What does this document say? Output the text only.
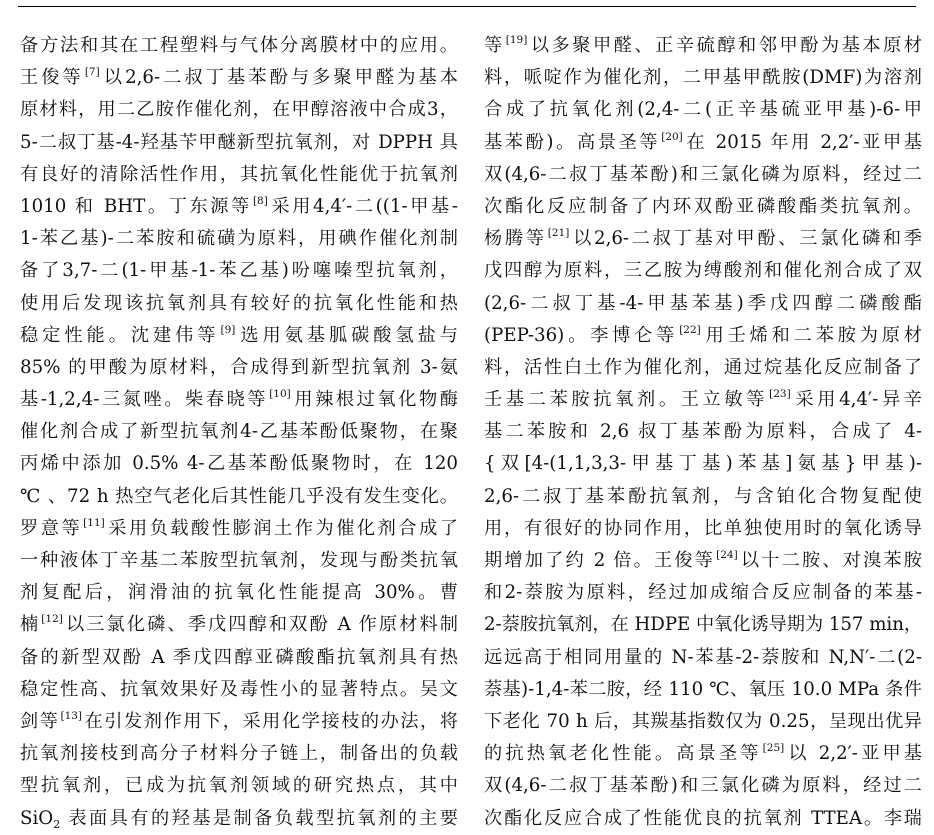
备方法和其在工程塑料与气体分离膜材中的应用。
王俊等[7]以2,6-二叔丁基苯酚与多聚甲醛为基本
原材料，用二乙胺作催化剂，在甲醇溶液中合成3，
5-二叔丁基-4-羟基苄甲醚新型抗氧剂，对 DPPH 具
有良好的清除活性作用，其抗氧化性能优于抗氧剂
1010 和 BHT。丁东源等[8]采用4,4′-二((1-甲基-
1-苯乙基)-二苯胺和硫磺为原料，用碘作催化剂制
备了3,7-二(1-甲基-1-苯乙基)吩噻嗪型抗氧剂，
使用后发现该抗氧剂具有较好的抗氧化性能和热
稳定性能。沈建伟等[9]选用氨基胍碳酸氢盐与
85% 的甲酸为原材料，合成得到新型抗氧剂 3-氨
基-1,2,4-三氮唑。柴春晓等[10]用辣根过氧化物酶
催化剂合成了新型抗氧剂4-乙基苯酚低聚物，在聚
丙烯中添加 0.5% 4-乙基苯酚低聚物时，在 120
℃ 、72 h 热空气老化后其性能几乎没有发生变化。
罗意等[11]采用负载酸性膨润土作为催化剂合成了
一种液体丁辛基二苯胺型抗氧剂，发现与酚类抗氧
剂复配后，润滑油的抗氧化性能提高 30%。曹
楠[12]以三氯化磷、季戊四醇和双酚 A 作原材料制
备的新型双酚 A 季戊四醇亚磷酸酯抗氧剂具有热
稳定性高、抗氧效果好及毒性小的显著特点。吴文
剑等[13]在引发剂作用下，采用化学接枝的办法，将
抗氧剂接枝到高分子材料分子链上，制备出的负载
型抗氧剂，已成为抗氧剂领域的研究热点，其中
SiO$_2$ 表面具有的羟基是制备负载型抗氧剂的主要
等[19]以多聚甲醛、正辛硫醇和邻甲酚为基本原材
料，哌啶作为催化剂，二甲基甲酰胺(DMF)为溶剂
合成了抗氧化剂(2,4-二(正辛基硫亚甲基)-6-甲
基苯酚)。高景圣等[20]在 2015 年用 2,2′-亚甲基
双(4,6-二叔丁基苯酚)和三氯化磷为原料，经过二
次酯化反应制备了内环双酚亚磷酸酯类抗氧剂。
杨腾等[21]以2,6-二叔丁基对甲酚、三氯化磷和季
戊四醇为原料，三乙胺为缚酸剂和催化剂合成了双
(2,6-二叔丁基-4-甲基苯基)季戊四醇二磷酸酯
(PEP-36)。李博仑等[22]用壬烯和二苯胺为原材
料，活性白土作为催化剂，通过烷基化反应制备了
壬基二苯胺抗氧剂。王立敏等[23]采用4,4′-异辛
基二苯胺和 2,6 叔丁基苯酚为原料，合成了 4-
{双[4-(1,1,3,3-甲基丁基)苯基]氨基}甲基)-
2,6-二叔丁基苯酚抗氧剂，与含铂化合物复配使
用，有很好的协同作用，比单独使用时的氧化诱导
期增加了约 2 倍。王俊等[24]以十二胺、对溴苯胺
和2-萘胺为原料，经过加成缩合反应制备的苯基-
2-萘胺抗氧剂，在 HDPE 中氧化诱导期为 157 min，
远远高于相同用量的 N-苯基-2-萘胺和 N,N′-二(2-
萘基)-1,4-苯二胺，经 110 ℃、氧压 10.0 MPa 条件
下老化 70 h 后，其羰基指数仅为 0.25，呈现出优异
的抗热氧老化性能。高景圣等[25]以 2,2′-亚甲基
双(4,6-二叔丁基苯酚)和三氯化磷为原料，经过二
次酯化反应合成了性能优良的抗氧剂 TTEA。李瑞
